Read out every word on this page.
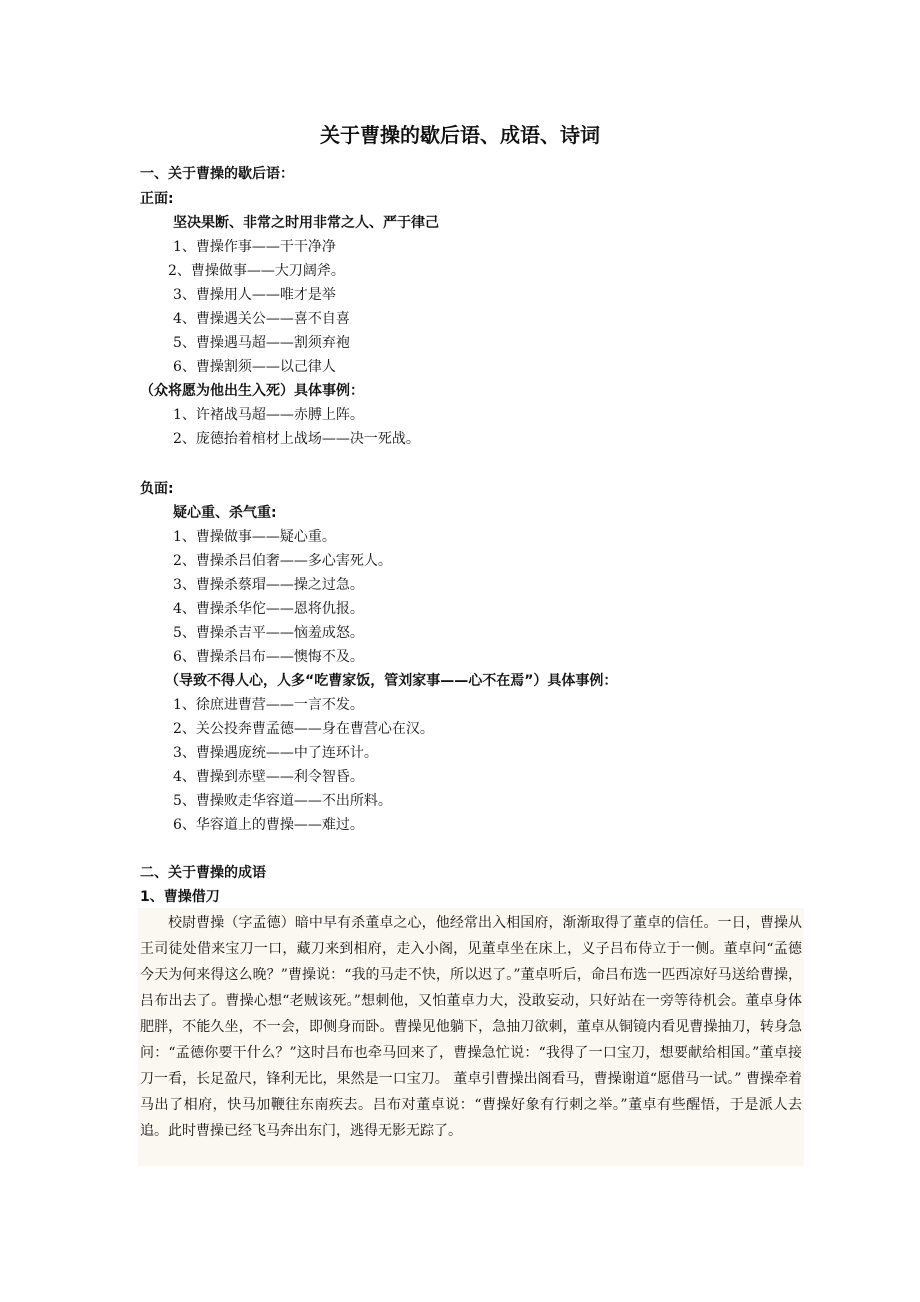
关于曹操的歇后语、成语、诗词
一、关于曹操的歇后语：
正面:
坚决果断、非常之时用非常之人、严于律己
1、曹操作事——干干净净
2、曹操做事——大刀阔斧。
3、曹操用人——唯才是举
4、曹操遇关公——喜不自喜
5、曹操遇马超——割须弃袍
6、曹操割须——以己律人
（众将愿为他出生入死）具体事例：
1、许褚战马超——赤膊上阵。
2、庞德抬着棺材上战场——决一死战。
负面:
疑心重、杀气重:
1、曹操做事——疑心重。
2、曹操杀吕伯奢——多心害死人。
3、曹操杀蔡瑁——操之过急。
4、曹操杀华佗——恩将仇报。
5、曹操杀吉平——恼羞成怒。
6、曹操杀吕布——懊悔不及。
（导致不得人心，人多“吃曹家饭，管刘家事——心不在焉”）具体事例：
1、徐庶进曹营——一言不发。
2、关公投奔曹孟德——身在曹营心在汉。
3、曹操遇庞统——中了连环计。
4、曹操到赤壁——利令智昏。
5、曹操败走华容道——不出所料。
6、华容道上的曹操——难过。
二、关于曹操的成语
1、曹操借刀
校尉曹操（字孟德）暗中早有杀董卓之心，他经常出入相国府，渐渐取得了董卓的信任。一日，曹操从王司徒处借来宝刀一口，藏刀来到相府，走入小阁，见董卓坐在床上，义子吕布侍立于一侧。董卓问“孟德今天为何来得这么晚？”曹操说：“我的马走不快，所以迟了。”董卓听后，命吕布选一匹西凉好马送给曹操，吕布出去了。曹操心想“老贼该死。”想刺他，又怕董卓力大，没敢妄动，只好站在一旁等待机会。董卓身体肥胖，不能久坐，不一会，即侧身而卧。曹操见他躺下，急抽刀欲刺，董卓从铜镜内看见曹操抽刀，转身急问：“孟德你要干什么？”这时吕布也牵马回来了，曹操急忙说：“我得了一口宝刀，想要献给相国。”董卓接刀一看，长足盈尺，锋利无比，果然是一口宝刀。 董卓引曹操出阁看马，曹操谢道“愿借马一试。” 曹操牵着马出了相府，快马加鞭往东南疾去。吕布对董卓说：“曹操好象有行刺之举。”董卓有些醒悟，于是派人去追。此时曹操已经飞马奔出东门，逃得无影无踪了。
